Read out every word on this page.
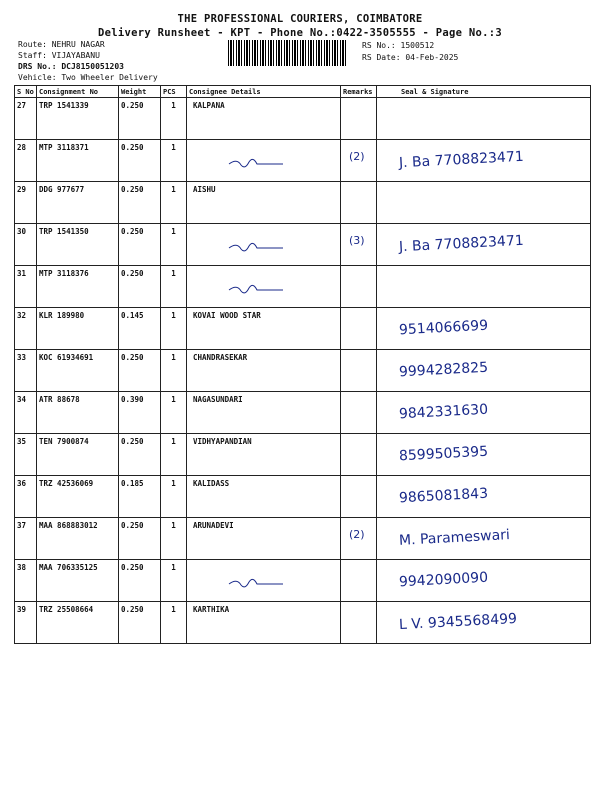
THE PROFESSIONAL COURIERS, COIMBATORE
Delivery Runsheet - KPT - Phone No.:0422-3505555 - Page No.:3
Route: NEHRU NAGAR
Staff: VIJAYABANU
DRS No.: DCJ8150051203
Vehicle: Two Wheeler Delivery
RS No.: 1500512
RS Date: 04-Feb-2025
S No	Consignment No	Weight	PCS	Consignee Details	Remarks	Seal & Signature
27	TRP 1541339	0.250	1	KALPANA	

28	MTP 3118371	0.250	1		(2)	J. Ba 7708823471

29	DDG 977677	0.250	1	AISHU	

30	TRP 1541350	0.250	1		(3)	J. Ba 7708823471

31	MTP 3118376	0.250	1	

32	KLR 189980	0.145	1	KOVAI WOOD STAR		9514066699

33	KOC 61934691	0.250	1	CHANDRASEKAR		9994282825

34	ATR 88678	0.390	1	NAGASUNDARI		9842331630

35	TEN 7900874	0.250	1	VIDHYAPANDIAN		8599505395

36	TRZ 42536069	0.185	1	KALIDASS		9865081843

37	MAA 868883012	0.250	1	ARUNADEVI	(2)	M. Parameswari

38	MAA 706335125	0.250	1			9942090090

39	TRZ 25508664	0.250	1	KARTHIKA		L V. 9345568499
